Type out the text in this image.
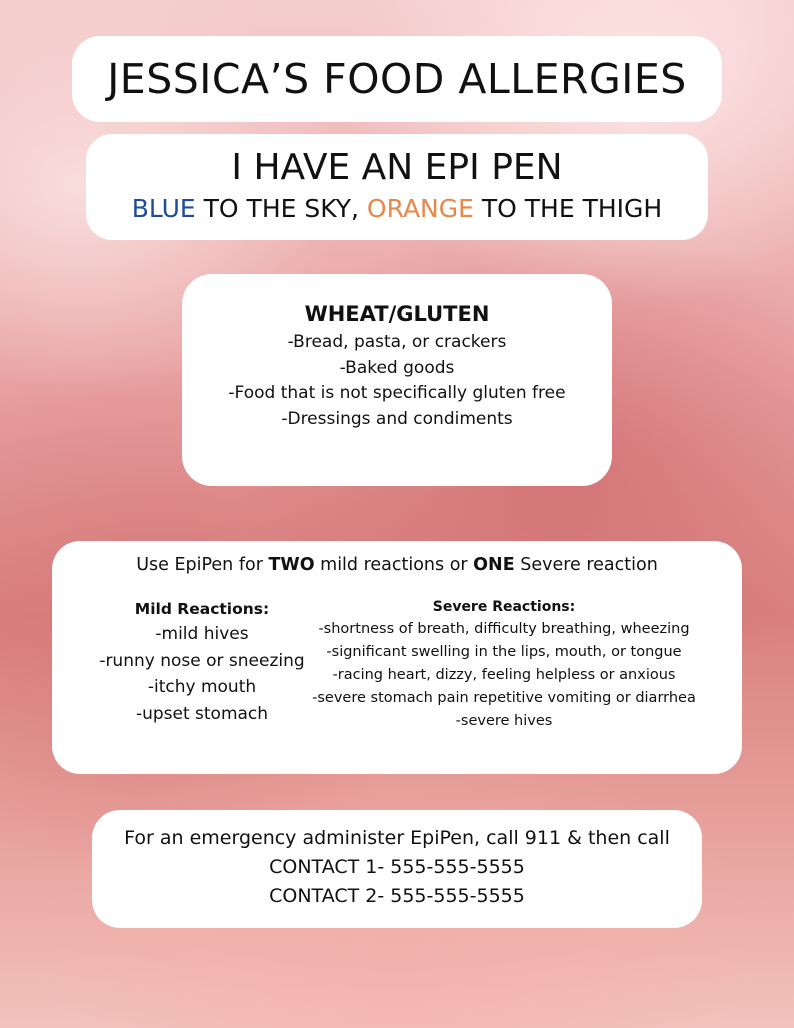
JESSICA’S FOOD ALLERGIES
I HAVE AN EPI PEN
BLUE TO THE SKY, ORANGE TO THE THIGH
WHEAT/GLUTEN
-Bread, pasta, or crackers
-Baked goods
-Food that is not specifically gluten free
-Dressings and condiments
Use EpiPen for TWO mild reactions or ONE Severe reaction
Mild Reactions:
-mild hives
-runny nose or sneezing
-itchy mouth
-upset stomach
Severe Reactions:
-shortness of breath, difficulty breathing, wheezing
-significant swelling in the lips, mouth, or tongue
-racing heart, dizzy, feeling helpless or anxious
-severe stomach pain repetitive vomiting or diarrhea
-severe hives
For an emergency administer EpiPen, call 911 & then call
CONTACT 1- 555-555-5555
CONTACT 2- 555-555-5555
